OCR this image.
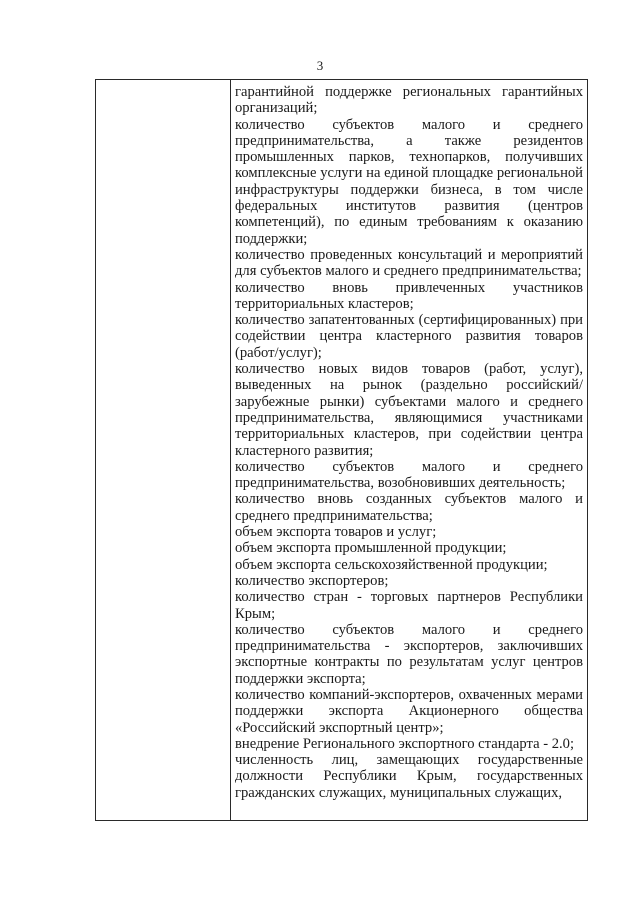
3

гарантийной поддержке региональных гарантийных организаций;

количество субъектов малого и среднего предпринимательства, а также резидентов промышленных парков, технопарков, получивших комплексные услуги на единой площадке региональной инфраструктуры поддержки бизнеса, в том числе федеральных институтов развития (центров компетенций), по единым требованиям к оказанию поддержки;

количество проведенных консультаций и мероприятий для субъектов малого и среднего предпринимательства;

количество вновь привлеченных участников территориальных кластеров;

количество запатентованных (сертифицированных) при содействии центра кластерного развития товаров (работ/услуг);

количество новых видов товаров (работ, услуг), выведенных на рынок (раздельно российский/зарубежные рынки) субъектами малого и среднего предпринимательства, являющимися участниками территориальных кластеров, при содействии центра кластерного развития;

количество субъектов малого и среднего предпринимательства, возобновивших деятельность;

количество вновь созданных субъектов малого и среднего предпринимательства;

объем экспорта товаров и услуг;

объем экспорта промышленной продукции;

объем экспорта сельскохозяйственной продукции;

количество экспортеров;

количество стран - торговых партнеров Республики Крым;

количество субъектов малого и среднего предпринимательства - экспортеров, заключивших экспортные контракты по результатам услуг центров поддержки экспорта;

количество компаний-экспортеров, охваченных мерами поддержки экспорта Акционерного общества «Российский экспортный центр»;

внедрение Регионального экспортного стандарта - 2.0;

численность лиц, замещающих государственные должности Республики Крым, государственных гражданских служащих, муниципальных служащих,
